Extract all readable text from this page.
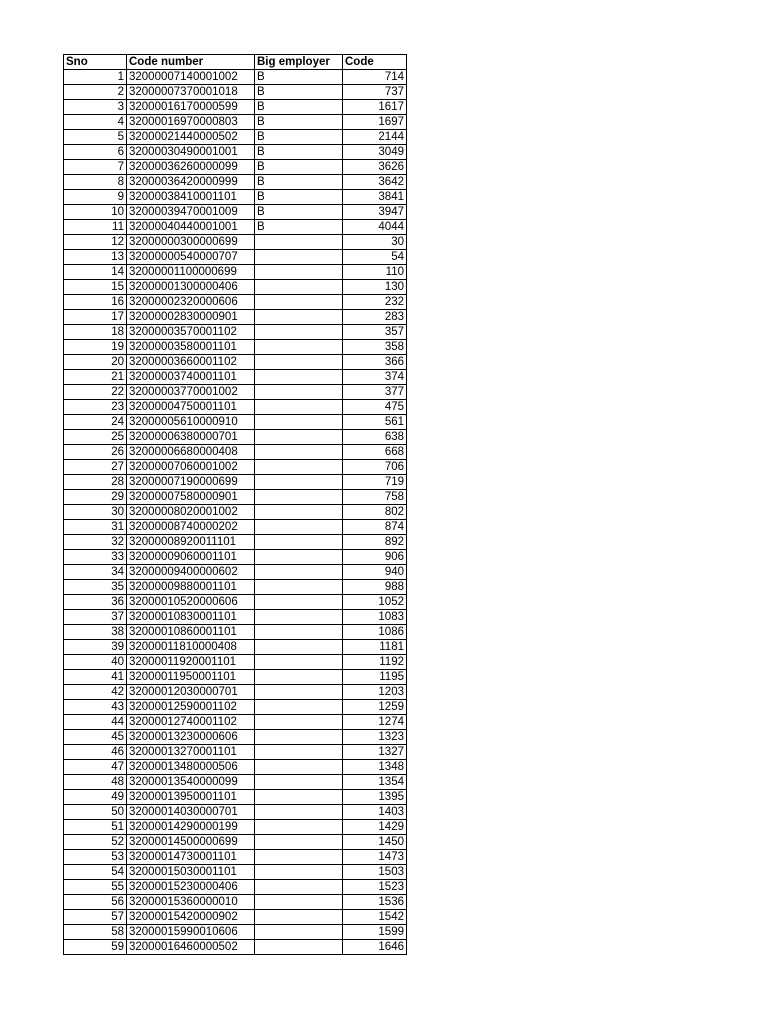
Sno	Code number	Big employer	Code
1	32000007140001002	B	714
2	32000007370001018	B	737
3	32000016170000599	B	1617
4	32000016970000803	B	1697
5	32000021440000502	B	2144
6	32000030490001001	B	3049
7	32000036260000099	B	3626
8	32000036420000999	B	3642
9	32000038410001101	B	3841
10	32000039470001009	B	3947
11	32000040440001001	B	4044
12	32000000300000699		30
13	32000000540000707		54
14	32000001100000699		110
15	32000001300000406		130
16	32000002320000606		232
17	32000002830000901		283
18	32000003570001102		357
19	32000003580001101		358
20	32000003660001102		366
21	32000003740001101		374
22	32000003770001002		377
23	32000004750001101		475
24	32000005610000910		561
25	32000006380000701		638
26	32000006680000408		668
27	32000007060001002		706
28	32000007190000699		719
29	32000007580000901		758
30	32000008020001002		802
31	32000008740000202		874
32	32000008920011101		892
33	32000009060001101		906
34	32000009400000602		940
35	32000009880001101		988
36	32000010520000606		1052
37	32000010830001101		1083
38	32000010860001101		1086
39	32000011810000408		1181
40	32000011920001101		1192
41	32000011950001101		1195
42	32000012030000701		1203
43	32000012590001102		1259
44	32000012740001102		1274
45	32000013230000606		1323
46	32000013270001101		1327
47	32000013480000506		1348
48	32000013540000099		1354
49	32000013950001101		1395
50	32000014030000701		1403
51	32000014290000199		1429
52	32000014500000699		1450
53	32000014730001101		1473
54	32000015030001101		1503
55	32000015230000406		1523
56	32000015360000010		1536
57	32000015420000902		1542
58	32000015990010606		1599
59	32000016460000502		1646
